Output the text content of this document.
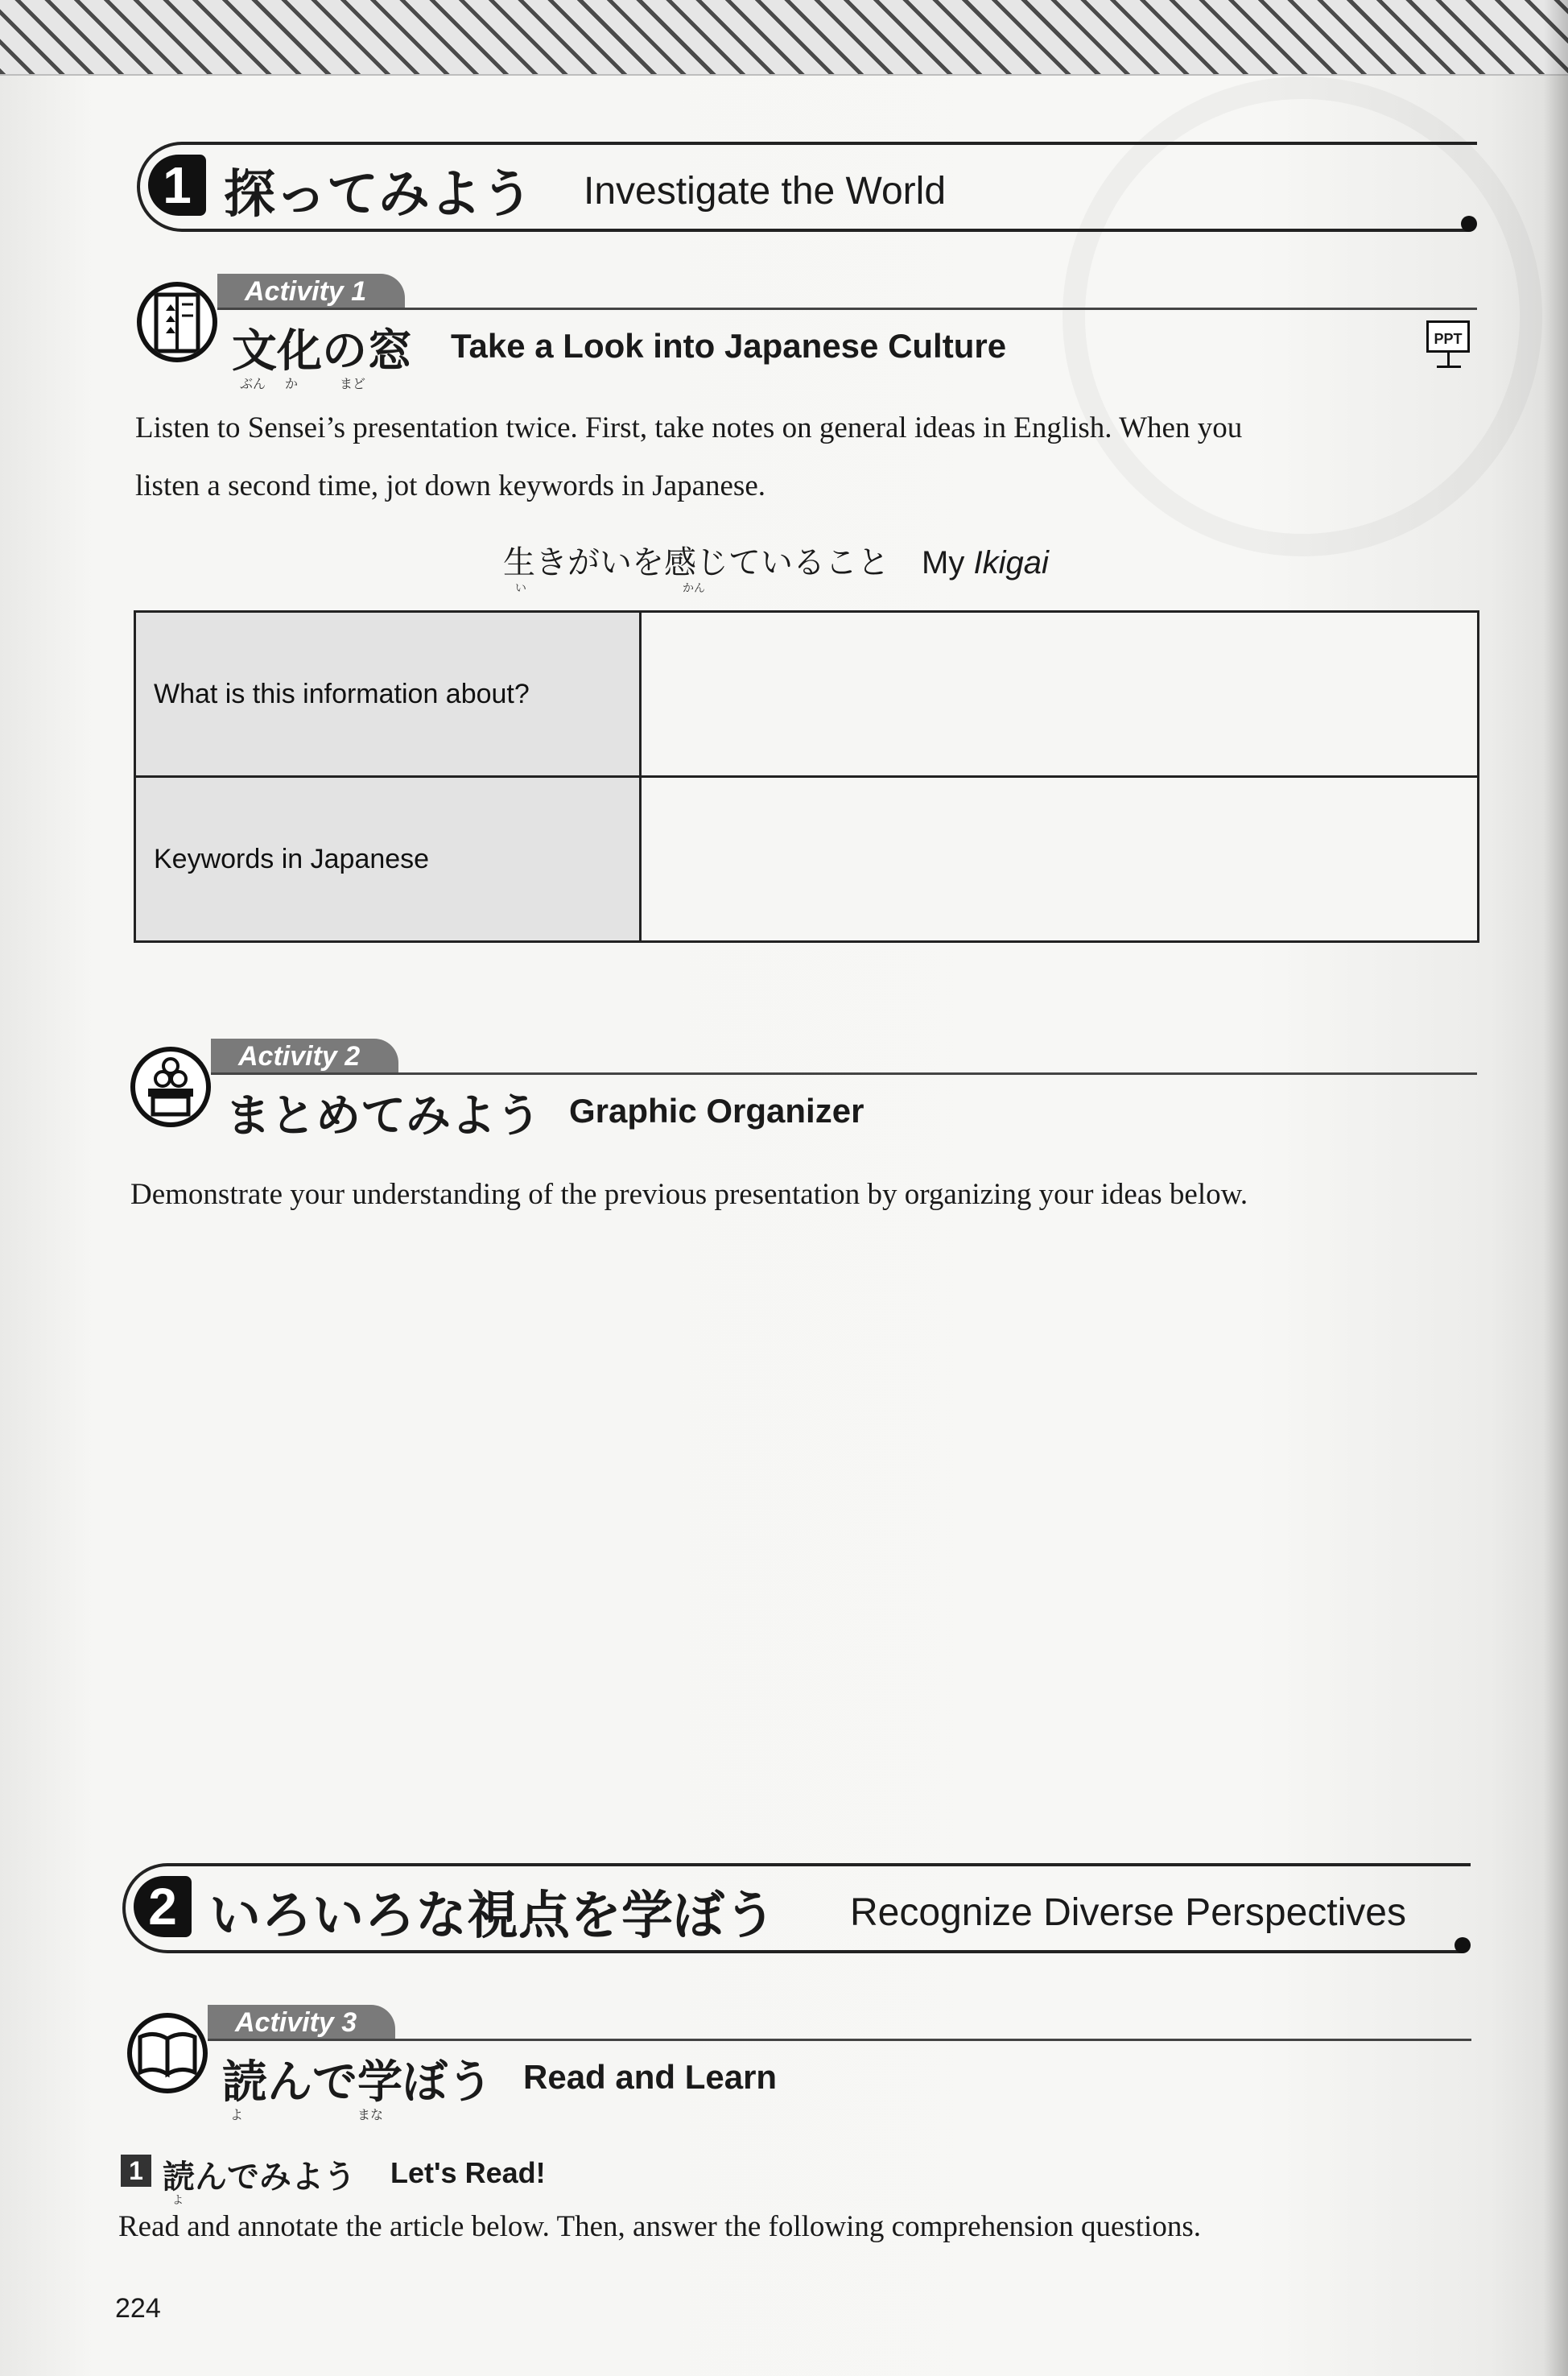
1 探ってみよう Investigate the World
Activity 1
文化の窓 Take a Look into Japanese Culture
ぶん か	まど
PPT
Listen to Sensei’s presentation twice. First, take notes on general ideas in English. When you
listen a second time, jot down keywords in Japanese.
生きがいを感じていること My Ikigai
い	かん
What is this information about?	
Keywords in Japanese	
Activity 2
まとめてみよう Graphic Organizer
Demonstrate your understanding of the previous presentation by organizing your ideas below.
2 いろいろな視点を学ぼう Recognize Diverse Perspectives
Activity 3
読んで学ぼう Read and Learn
よ	まな
1 読んでみよう Let's Read!
よ
Read and annotate the article below. Then, answer the following comprehension questions.
224
